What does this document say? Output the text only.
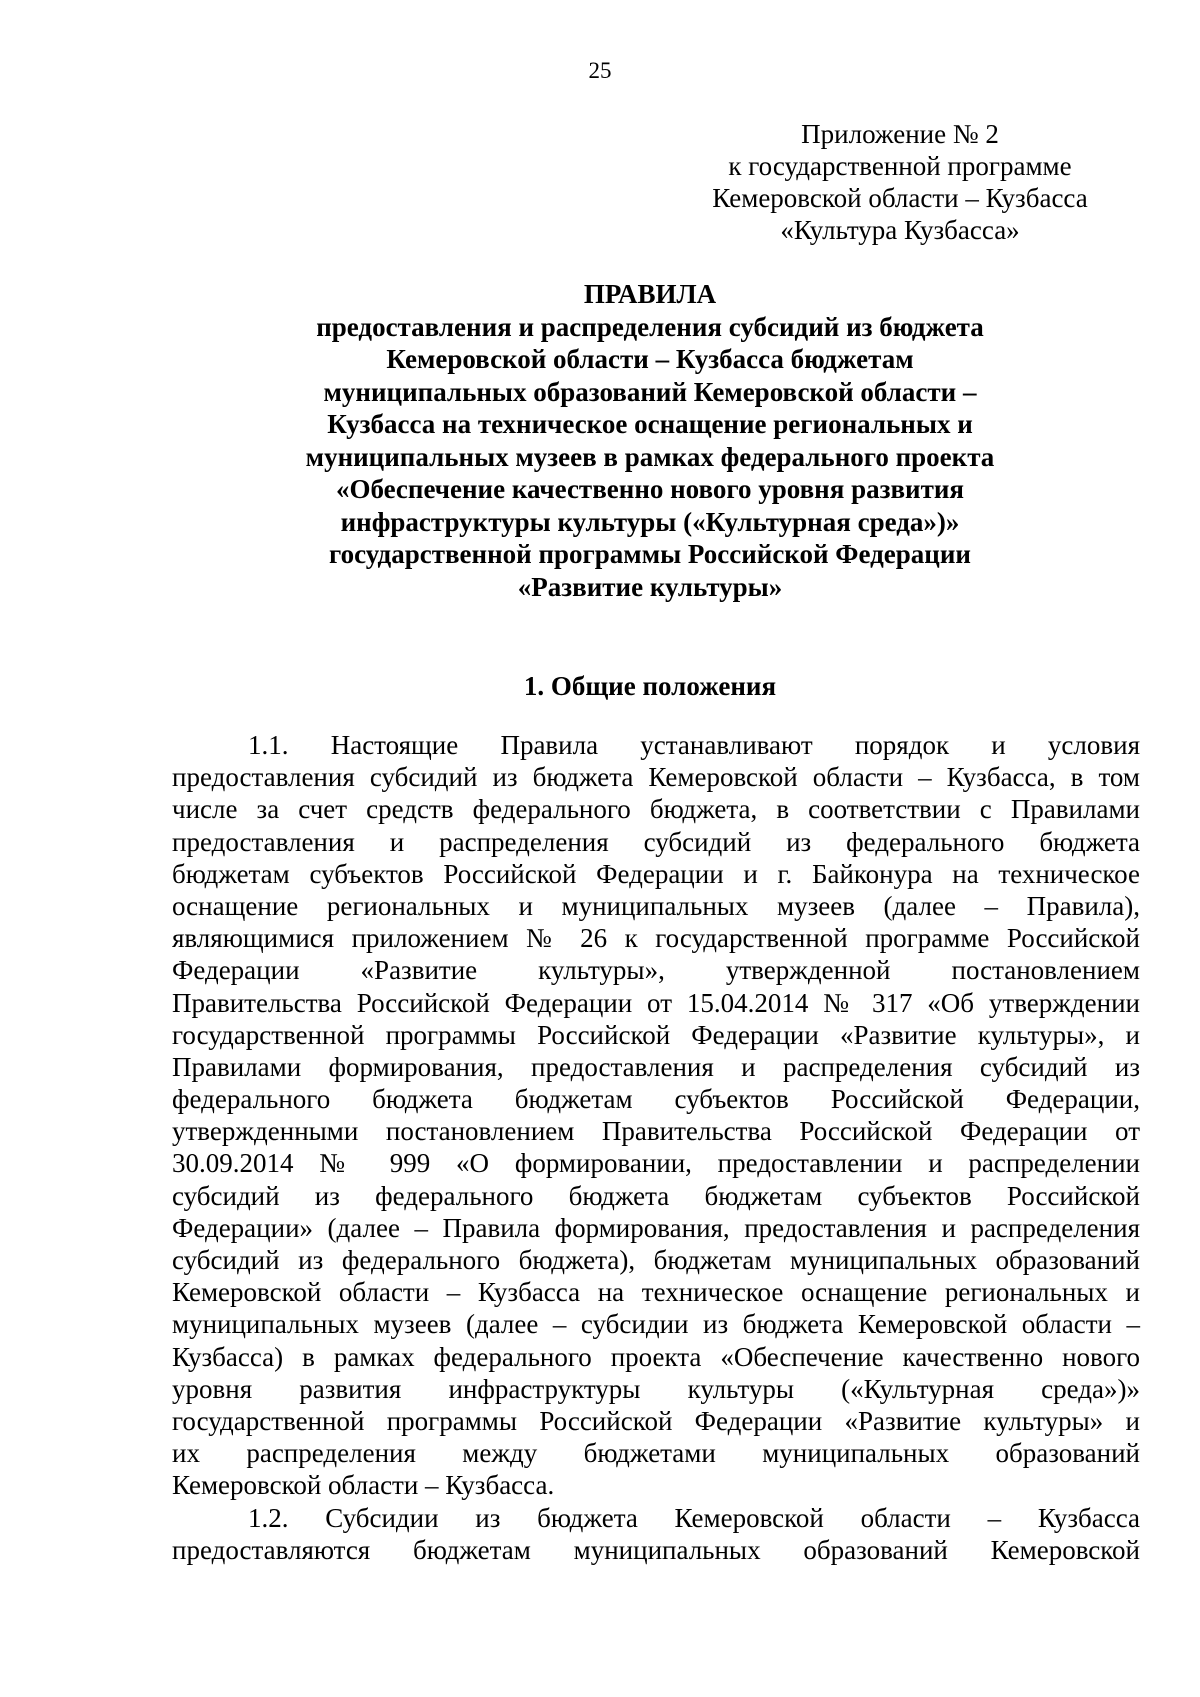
25
Приложение № 2
к государственной программе
Кемеровской области – Кузбасса
«Культура Кузбасса»
ПРАВИЛА
предоставления и распределения субсидий из бюджета
Кемеровской области – Кузбасса бюджетам
муниципальных образований Кемеровской области –
Кузбасса на техническое оснащение региональных и
муниципальных музеев в рамках федерального проекта
«Обеспечение качественно нового уровня развития
инфраструктуры культуры («Культурная среда»)»
государственной программы Российской Федерации
«Развитие культуры»
1. Общие положения
1.1. Настоящие Правила устанавливают порядок и условия
предоставления субсидий из бюджета Кемеровской области – Кузбасса, в том
числе за счет средств федерального бюджета, в соответствии с Правилами
предоставления и распределения субсидий из федерального бюджета
бюджетам субъектов Российской Федерации и г. Байконура на техническое
оснащение региональных и муниципальных музеев (далее – Правила),
являющимися приложением № 26 к государственной программе Российской
Федерации «Развитие культуры», утвержденной постановлением
Правительства Российской Федерации от 15.04.2014 № 317 «Об утверждении
государственной программы Российской Федерации «Развитие культуры», и
Правилами формирования, предоставления и распределения субсидий из
федерального бюджета бюджетам субъектов Российской Федерации,
утвержденными постановлением Правительства Российской Федерации от
30.09.2014 № 999 «О формировании, предоставлении и распределении
субсидий из федерального бюджета бюджетам субъектов Российской
Федерации» (далее – Правила формирования, предоставления и распределения
субсидий из федерального бюджета), бюджетам муниципальных образований
Кемеровской области – Кузбасса на техническое оснащение региональных и
муниципальных музеев (далее – субсидии из бюджета Кемеровской области –
Кузбасса) в рамках федерального проекта «Обеспечение качественно нового
уровня развития инфраструктуры культуры («Культурная среда»)»
государственной программы Российской Федерации «Развитие культуры» и
их распределения между бюджетами муниципальных образований
Кемеровской области – Кузбасса.
1.2. Субсидии из бюджета Кемеровской области – Кузбасса
предоставляются бюджетам муниципальных образований Кемеровской
